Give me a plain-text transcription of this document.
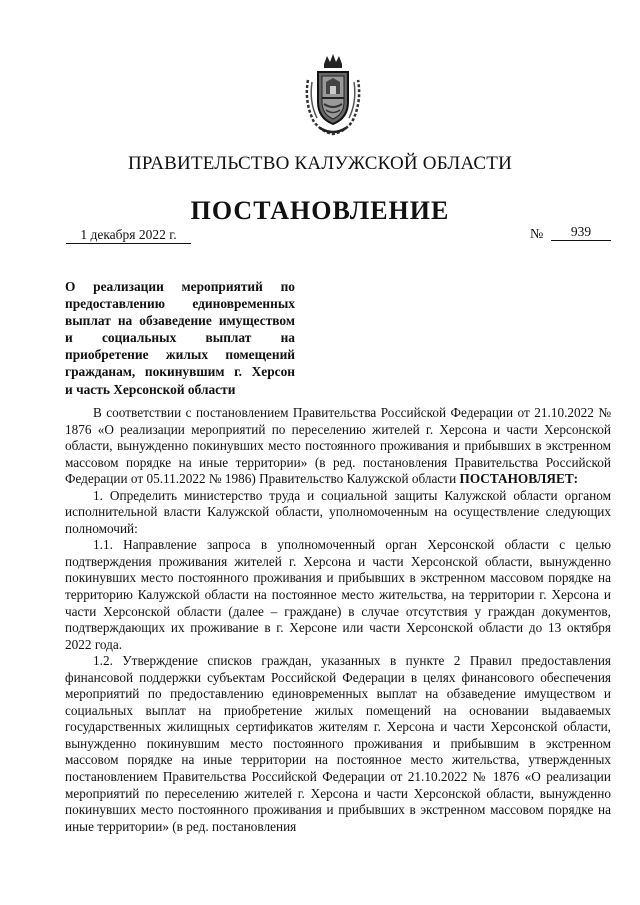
ПРАВИТЕЛЬСТВО КАЛУЖСКОЙ ОБЛАСТИ
ПОСТАНОВЛЕНИЕ
1 декабря 2022 г.	№	939
О реализации мероприятий по
предоставлению единовременных
выплат на обзаведение имуществом
и социальных выплат на
приобретение жилых помещений
гражданам, покинувшим г. Херсон
и часть Херсонской области

В соответствии с постановлением Правительства Российской Федерации от 21.10.2022 № 1876 «О реализации мероприятий по переселению жителей г. Херсона и части Херсонской области, вынужденно покинувших место постоянного проживания и прибывших в экстренном массовом порядке на иные территории» (в ред. постановления Правительства Российской Федерации от 05.11.2022 № 1986) Правительство Калужской области ПОСТАНОВЛЯЕТ:

1. Определить министерство труда и социальной защиты Калужской области органом исполнительной власти Калужской области, уполномоченным на осуществление следующих полномочий:

1.1. Направление запроса в уполномоченный орган Херсонской области с целью подтверждения проживания жителей г. Херсона и части Херсонской области, вынужденно покинувших место постоянного проживания и прибывших в экстренном массовом порядке на территорию Калужской области на постоянное место жительства, на территории г. Херсона и части Херсонской области (далее – граждане) в случае отсутствия у граждан документов, подтверждающих их проживание в г. Херсоне или части Херсонской области до 13 октября 2022 года.

1.2. Утверждение списков граждан, указанных в пункте 2 Правил предоставления финансовой поддержки субъектам Российской Федерации в целях финансового обеспечения мероприятий по предоставлению единовременных выплат на обзаведение имуществом и социальных выплат на приобретение жилых помещений на основании выдаваемых государственных жилищных сертификатов жителям г. Херсона и части Херсонской области, вынужденно покинувшим место постоянного проживания и прибывшим в экстренном массовом порядке на иные территории на постоянное место жительства, утвержденных постановлением Правительства Российской Федерации от 21.10.2022 № 1876 «О реализации мероприятий по переселению жителей г. Херсона и части Херсонской области, вынужденно покинувших место постоянного проживания и прибывших в экстренном массовом порядке на иные территории» (в ред. постановления
